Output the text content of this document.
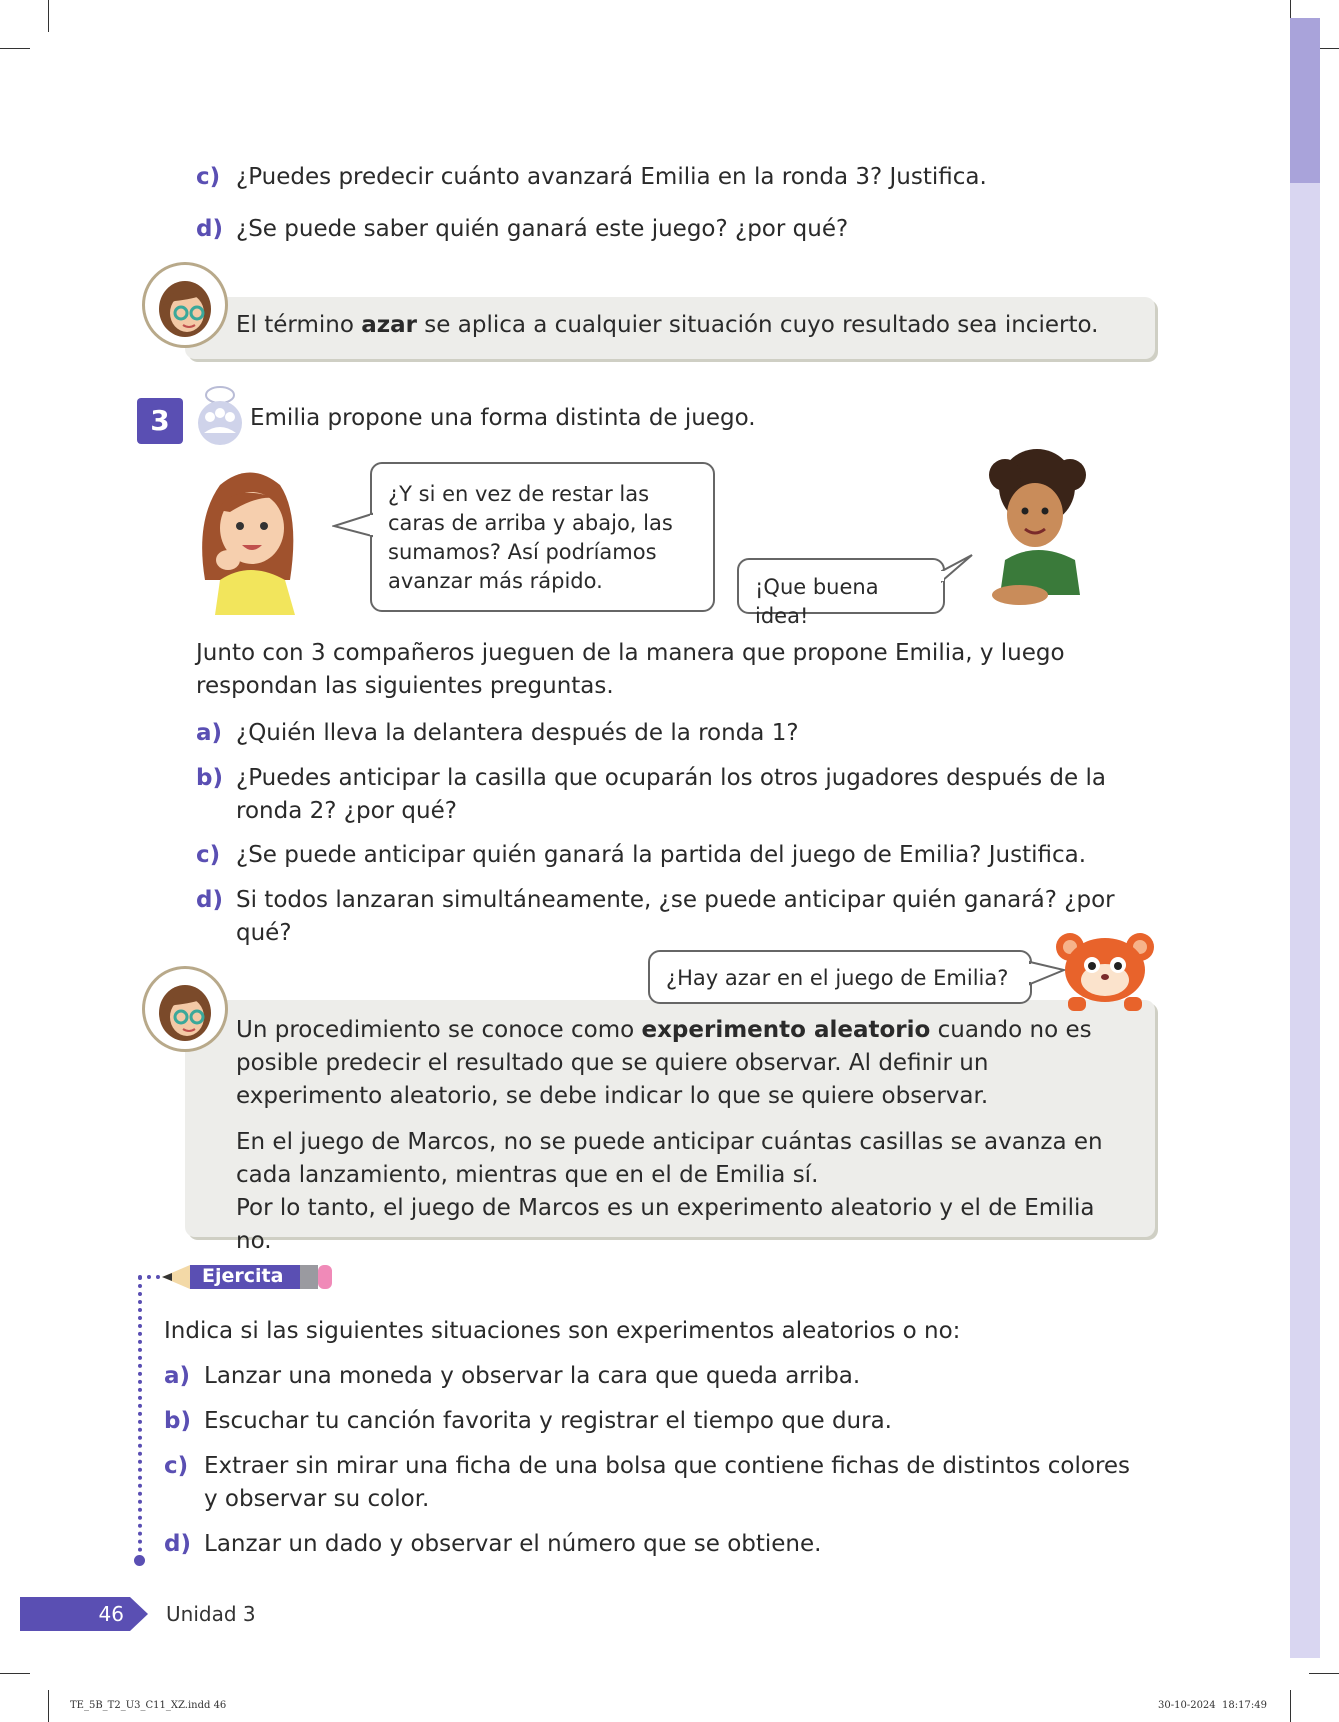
c) ¿Puedes predecir cuánto avanzará Emilia en la ronda 3? Justifica.
d) ¿Se puede saber quién ganará este juego? ¿por qué?
El término azar se aplica a cualquier situación cuyo resultado sea incierto.
3	Emilia propone una forma distinta de juego.
¿Y si en vez de restar las caras de arriba y abajo, las sumamos? Así podríamos avanzar más rápido.	¡Que buena idea!
Junto con 3 compañeros jueguen de la manera que propone Emilia, y luego respondan las siguientes preguntas.
a) ¿Quién lleva la delantera después de la ronda 1?
b) ¿Puedes anticipar la casilla que ocuparán los otros jugadores después de la ronda 2? ¿por qué?
c) ¿Se puede anticipar quién ganará la partida del juego de Emilia? Justifica.
d) Si todos lanzaran simultáneamente, ¿se puede anticipar quién ganará? ¿por qué?
¿Hay azar en el juego de Emilia?
Un procedimiento se conoce como experimento aleatorio cuando no es posible predecir el resultado que se quiere observar. Al definir un experimento aleatorio, se debe indicar lo que se quiere observar.
En el juego de Marcos, no se puede anticipar cuántas casillas se avanza en cada lanzamiento, mientras que en el de Emilia sí.
Por lo tanto, el juego de Marcos es un experimento aleatorio y el de Emilia no.
Ejercita
Indica si las siguientes situaciones son experimentos aleatorios o no:
a) Lanzar una moneda y observar la cara que queda arriba.
b) Escuchar tu canción favorita y registrar el tiempo que dura.
c) Extraer sin mirar una ficha de una bolsa que contiene fichas de distintos colores y observar su color.
d) Lanzar un dado y observar el número que se obtiene.
46	Unidad 3
TE_5B_T2_U3_C11_XZ.indd 46	30-10-2024  18:17:49
